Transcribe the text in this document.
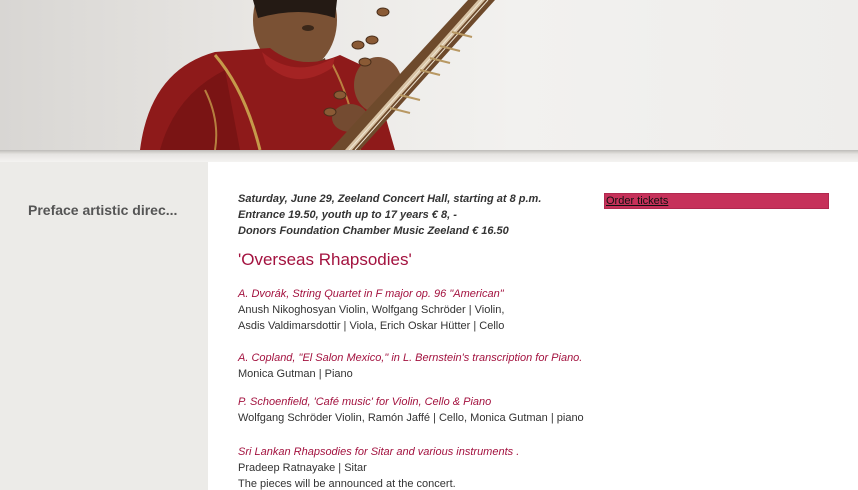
Preface artistic direc...
Saturday, June 29, Zeeland Concert Hall, starting at 8 p.m.
Entrance 19.50, youth up to 17 years € 8, -
Donors Foundation Chamber Music Zeeland € 16.50
'Overseas Rhapsodies'
A. Dvorák, String Quartet in F major op. 96 "American"
Anush Nikoghosyan Violin, Wolfgang Schröder | Violin,
Asdis Valdimarsdottir | Viola, Erich Oskar Hütter | Cello
A. Copland, "El Salon Mexico," in L. Bernstein's transcription for Piano.
Monica Gutman | Piano
P. Schoenfield, 'Café music' for Violin, Cello & Piano
Wolfgang Schröder Violin, Ramón Jaffé | Cello, Monica Gutman | piano
Sri Lankan Rhapsodies for Sitar and various instruments .
Pradeep Ratnayake | Sitar
The pieces will be announced at the concert.
Order tickets
